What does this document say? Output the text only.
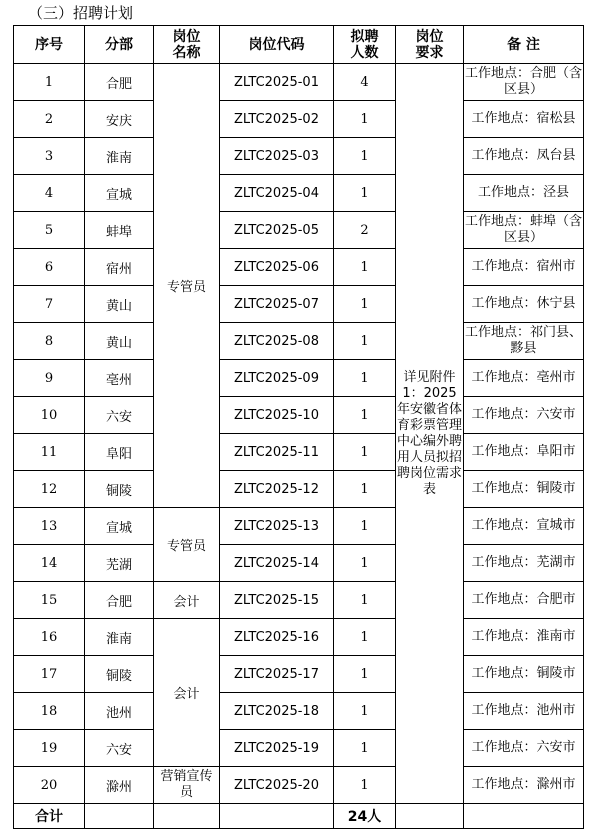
（三）招聘计划
序号	分部	岗位名称	岗位代码	拟聘人数	岗位要求	备 注
1	合肥	专管员	ZLTC2025-01	4	详见附件1：2025年安徽省体育彩票管理中心编外聘用人员拟招聘岗位需求表	工作地点：合肥（含区县）

2	安庆		ZLTC2025-02	1		工作地点：宿松县

3	淮南		ZLTC2025-03	1		工作地点：凤台县

4	宣城		ZLTC2025-04	1		工作地点：泾县

5	蚌埠		ZLTC2025-05	2		工作地点：蚌埠（含区县）

6	宿州		ZLTC2025-06	1		工作地点：宿州市

7	黄山		ZLTC2025-07	1		工作地点：休宁县

8	黄山		ZLTC2025-08	1		工作地点：祁门县、黟县

9	亳州		ZLTC2025-09	1		工作地点：亳州市

10	六安		ZLTC2025-10	1		工作地点：六安市

11	阜阳		ZLTC2025-11	1		工作地点：阜阳市

12	铜陵		ZLTC2025-12	1		工作地点：铜陵市

13	宣城	专管员	ZLTC2025-13	1		工作地点：宣城市

14	芜湖		ZLTC2025-14	1		工作地点：芜湖市

15	合肥	会计	ZLTC2025-15	1		工作地点：合肥市

16	淮南	会计	ZLTC2025-16	1		工作地点：淮南市

17	铜陵		ZLTC2025-17	1		工作地点：铜陵市

18	池州		ZLTC2025-18	1		工作地点：池州市

19	六安		ZLTC2025-19	1		工作地点：六安市

20	滁州	营销宣传员	ZLTC2025-20	1		工作地点：滁州市

合计				24人		
